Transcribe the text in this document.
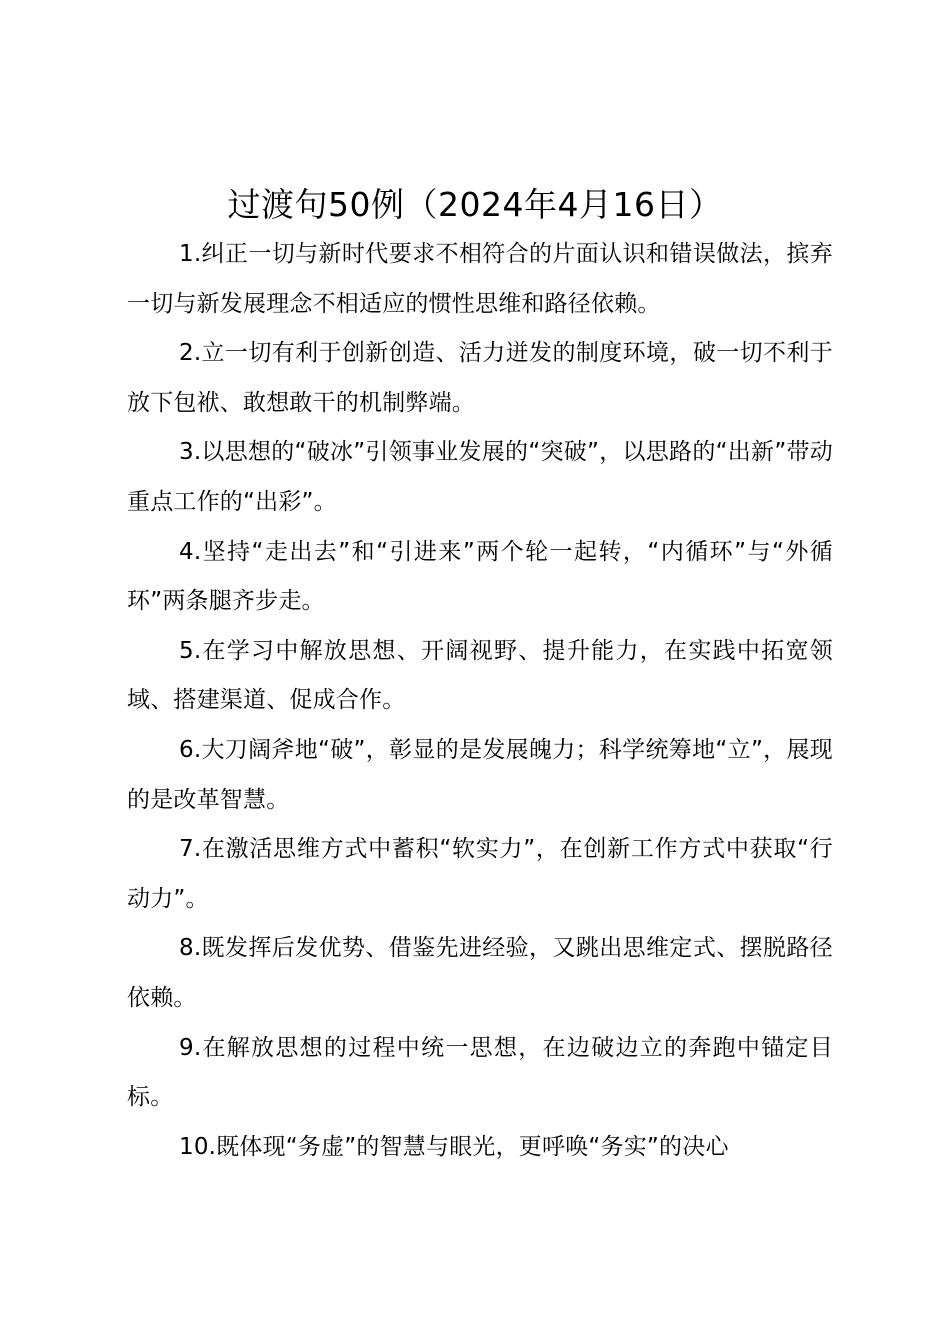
过渡句50例（2024年4月16日）

1.纠正一切与新时代要求不相符合的片面认识和错误做法，摈弃一切与新发展理念不相适应的惯性思维和路径依赖。

2.立一切有利于创新创造、活力迸发的制度环境，破一切不利于放下包袱、敢想敢干的机制弊端。

3.以思想的“破冰”引领事业发展的“突破”，以思路的“出新”带动重点工作的“出彩”。

4.坚持“走出去”和“引进来”两个轮一起转，“内循环”与“外循环”两条腿齐步走。

5.在学习中解放思想、开阔视野、提升能力，在实践中拓宽领域、搭建渠道、促成合作。

6.大刀阔斧地“破”，彰显的是发展魄力；科学统筹地“立”，展现的是改革智慧。

7.在激活思维方式中蓄积“软实力”，在创新工作方式中获取“行动力”。

8.既发挥后发优势、借鉴先进经验，又跳出思维定式、摆脱路径依赖。

9.在解放思想的过程中统一思想，在边破边立的奔跑中锚定目标。

10.既体现“务虚”的智慧与眼光，更呼唤“务实”的决心
